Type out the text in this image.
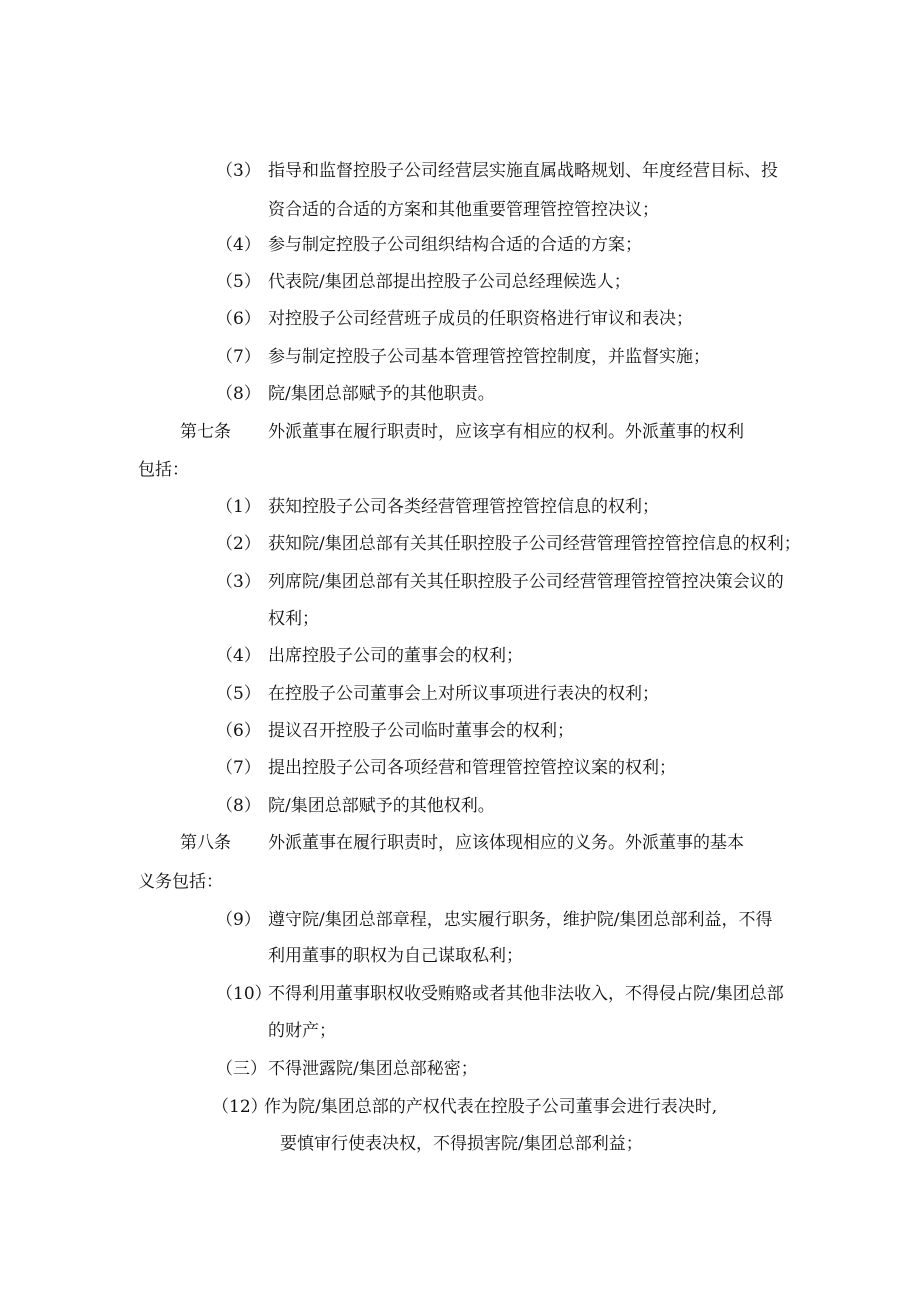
（3） 指导和监督控股子公司经营层实施直属战略规划、年度经营目标、投
资合适的合适的方案和其他重要管理管控管控决议；
（4） 参与制定控股子公司组织结构合适的合适的方案；
（5） 代表院/集团总部提出控股子公司总经理候选人；
（6） 对控股子公司经营班子成员的任职资格进行审议和表决；
（7） 参与制定控股子公司基本管理管控管控制度，并监督实施；
（8） 院/集团总部赋予的其他职责。
第七条 外派董事在履行职责时，应该享有相应的权利。外派董事的权利
包括：
（1） 获知控股子公司各类经营管理管控管控信息的权利；
（2） 获知院/集团总部有关其任职控股子公司经营管理管控管控信息的权利；
（3） 列席院/集团总部有关其任职控股子公司经营管理管控管控决策会议的
权利；
（4） 出席控股子公司的董事会的权利；
（5） 在控股子公司董事会上对所议事项进行表决的权利；
（6） 提议召开控股子公司临时董事会的权利；
（7） 提出控股子公司各项经营和管理管控管控议案的权利；
（8） 院/集团总部赋予的其他权利。
第八条 外派董事在履行职责时，应该体现相应的义务。外派董事的基本
义务包括：
（9） 遵守院/集团总部章程，忠实履行职务，维护院/集团总部利益，不得
利用董事的职权为自己谋取私利；
（10）
不得利用董事职权收受贿赂或者其他非法收入，不得侵占院/集团总部
的财产；
（三） 不得泄露院/集团总部秘密；
（12）
作为院/集团总部的产权代表在控股子公司董事会进行表决时,
要慎审行使表决权，不得损害院/集团总部利益；
